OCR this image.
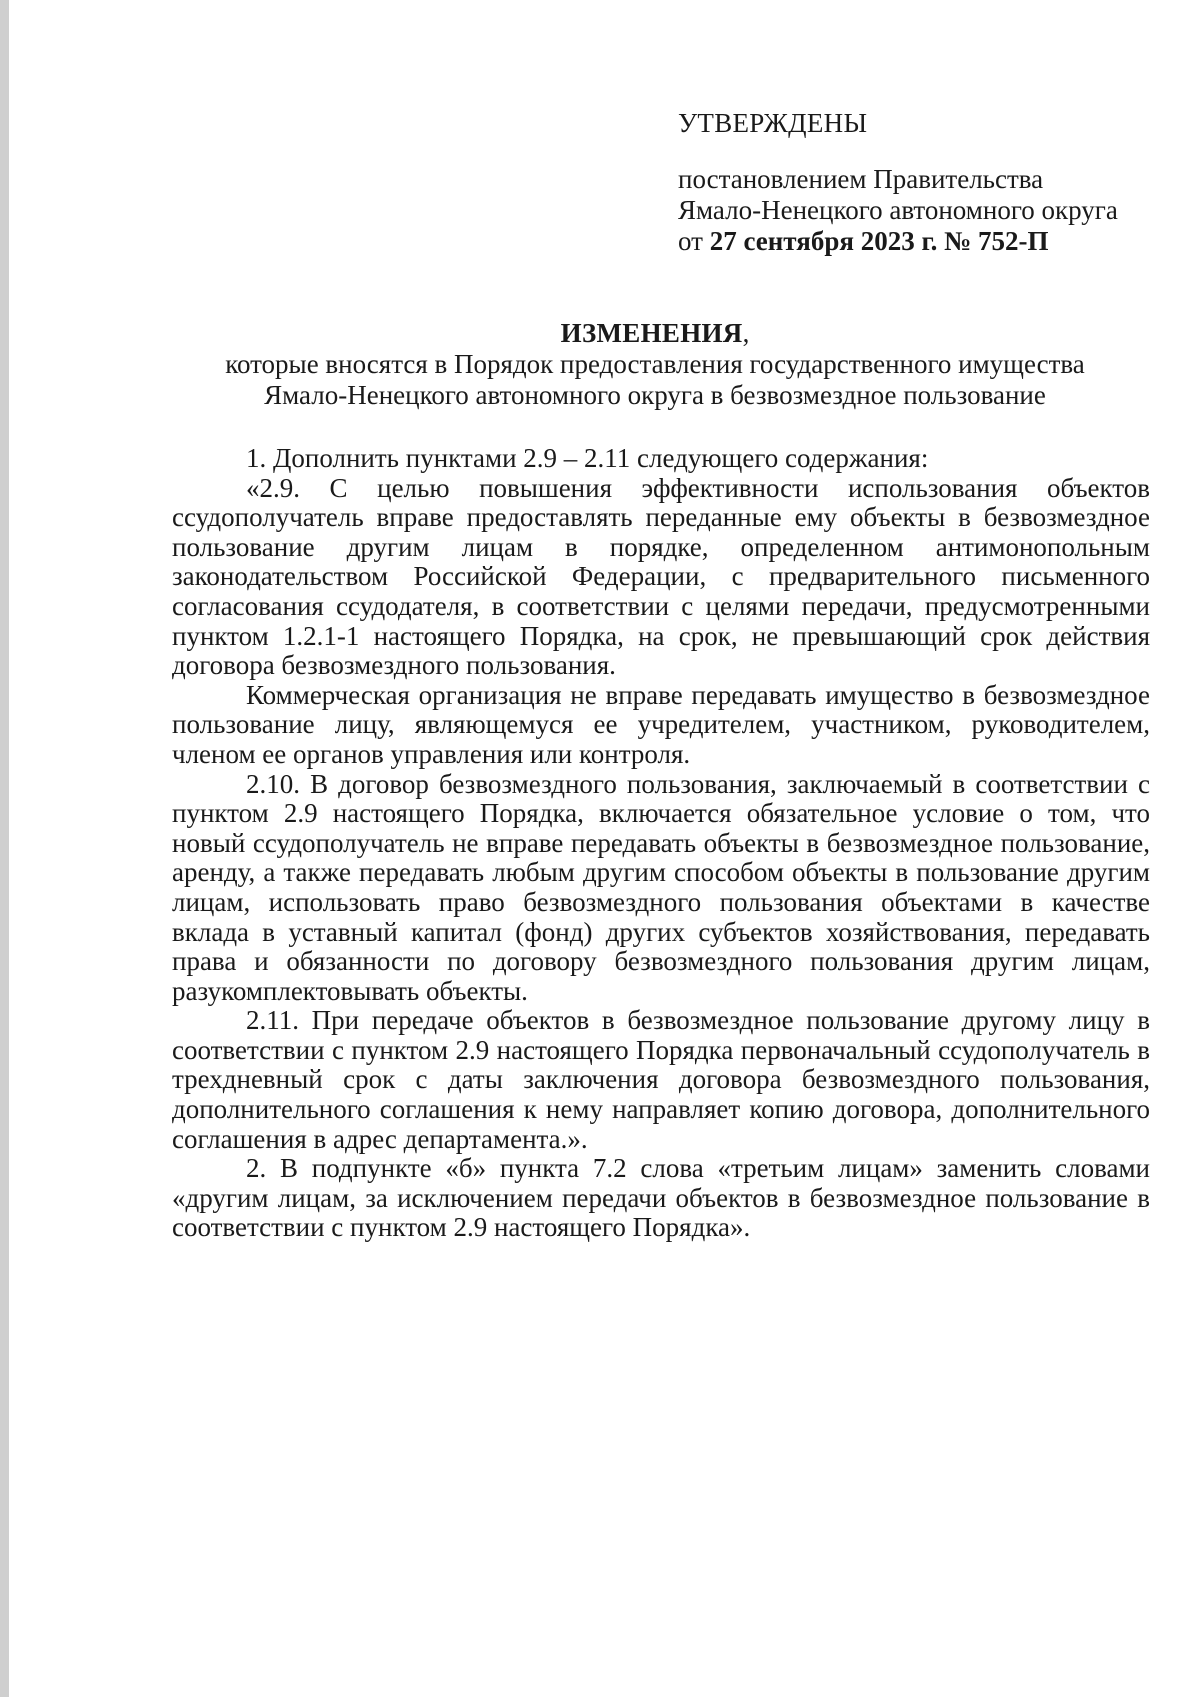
УТВЕРЖДЕНЫ
постановлением Правительства
Ямало-Ненецкого автономного округа
от 27 сентября 2023 г. № 752-П
ИЗМЕНЕНИЯ,
которые вносятся в Порядок предоставления государственного имущества
Ямало-Ненецкого автономного округа в безвозмездное пользование

1. Дополнить пунктами 2.9 – 2.11 следующего содержания:

«2.9. С целью повышения эффективности использования объектов ссудополучатель вправе предоставлять переданные ему объекты в безвозмездное пользование другим лицам в порядке, определенном антимонопольным законодательством Российской Федерации, с предварительного письменного согласования ссудодателя, в соответствии с целями передачи, предусмотренными пунктом 1.2.1-1 настоящего Порядка, на срок, не превышающий срок действия договора безвозмездного пользования.

Коммерческая организация не вправе передавать имущество в безвозмездное пользование лицу, являющемуся ее учредителем, участником, руководителем, членом ее органов управления или контроля.

2.10. В договор безвозмездного пользования, заключаемый в соответствии с пунктом 2.9 настоящего Порядка, включается обязательное условие о том, что новый ссудополучатель не вправе передавать объекты в безвозмездное пользование, аренду, а также передавать любым другим способом объекты в пользование другим лицам, использовать право безвозмездного пользования объектами в качестве вклада в уставный капитал (фонд) других субъектов хозяйствования, передавать права и обязанности по договору безвозмездного пользования другим лицам, разукомплектовывать объекты.

2.11. При передаче объектов в безвозмездное пользование другому лицу в соответствии с пунктом 2.9 настоящего Порядка первоначальный ссудополучатель в трехдневный срок с даты заключения договора безвозмездного пользования, дополнительного соглашения к нему направляет копию договора, дополнительного соглашения в адрес департамента.».

2. В подпункте «б» пункта 7.2 слова «третьим лицам» заменить словами «другим лицам, за исключением передачи объектов в безвозмездное пользование в соответствии с пунктом 2.9 настоящего Порядка».
